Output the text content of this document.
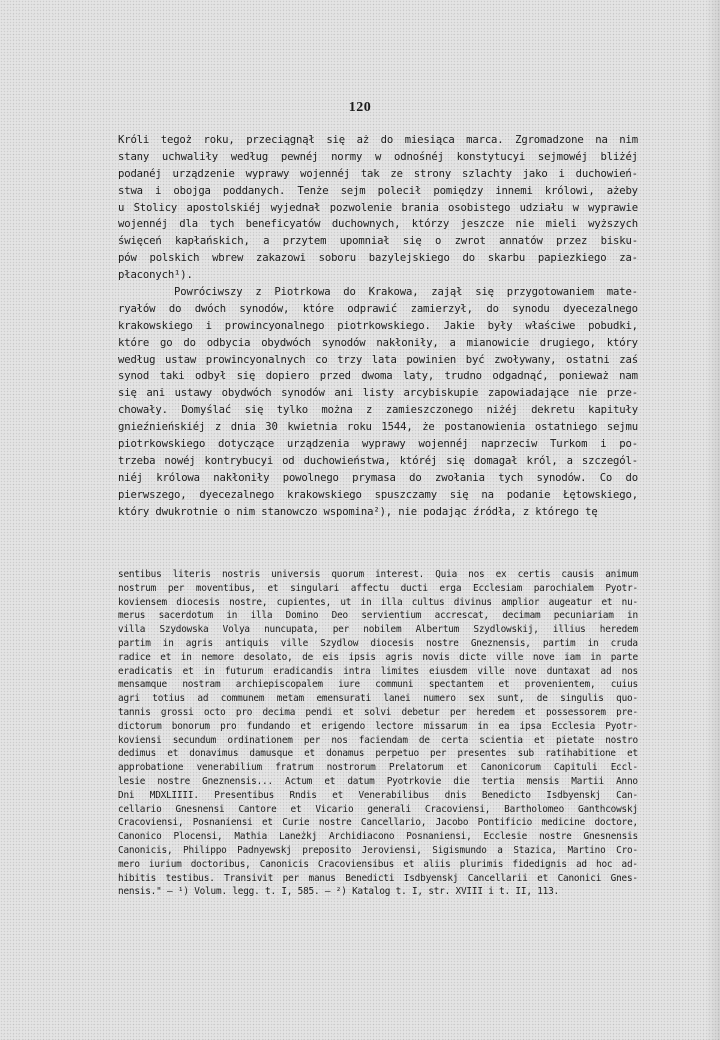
120
Króli tegoż roku, przeciągnął się aż do miesiąca marca. Zgromadzone na nim
stany uchwaliły według pewnéj normy w odnośnéj konstytucyi sejmowéj bliżéj
podanéj urządzenie wyprawy wojennéj tak ze strony szlachty jako i duchowień-
stwa i obojga poddanych. Tenże sejm polecił pomiędzy innemi królowi, ażeby
u Stolicy apostolskiéj wyjednał pozwolenie brania osobistego udziału w wyprawie
wojennéj dla tych beneficyatów duchownych, którzy jeszcze nie mieli wyższych
święceń kapłańskich, a przytem upomniał się o zwrot annatów przez bisku-
pów polskich wbrew zakazowi soboru bazylejskiego do skarbu papiezkiego za-
płaconych¹).
Powróciwszy z Piotrkowa do Krakowa, zajął się przygotowaniem mate-
ryałów do dwóch synodów, które odprawić zamierzył, do synodu dyecezalnego
krakowskiego i prowincyonalnego piotrkowskiego. Jakie były właściwe pobudki,
które go do odbycia obydwóch synodów nakłoniły, a mianowicie drugiego, który
według ustaw prowincyonalnych co trzy lata powinien być zwoływany, ostatni zaś
synod taki odbył się dopiero przed dwoma laty, trudno odgadnąć, ponieważ nam
się ani ustawy obydwóch synodów ani listy arcybiskupie zapowiadające nie prze-
chowały. Domyślać się tylko można z zamieszczonego niżéj dekretu kapituły
gnieźnieńskiéj z dnia 30 kwietnia roku 1544, że postanowienia ostatniego sejmu
piotrkowskiego dotyczące urządzenia wyprawy wojennéj naprzeciw Turkom i po-
trzeba nowéj kontrybucyi od duchowieństwa, któréj się domagał król, a szczegól-
niéj królowa nakłoniły powolnego prymasa do zwołania tych synodów. Co do
pierwszego, dyecezalnego krakowskiego spuszczamy się na podanie Łętowskiego,
który dwukrotnie o nim stanowczo wspomina²), nie podając źródła, z którego tę
sentibus literis nostris universis quorum interest. Quia nos ex certis causis animum
nostrum per moventibus, et singulari affectu ducti erga Ecclesiam parochialem Pyotr-
koviensem diocesis nostre, cupientes, ut in illa cultus divinus amplior augeatur et nu-
merus sacerdotum in illa Domino Deo servientium accrescat, decimam pecuniariam in
villa Szydowska Volya nuncupata, per nobilem Albertum Szydlowskij, illius heredem
partim in agris antiquis ville Szydlow diocesis nostre Gneznensis, partim in cruda
radice et in nemore desolato, de eis ipsis agris novis dicte ville nove iam in parte
eradicatis et in futurum eradicandis intra limites eiusdem ville nove duntaxat ad nos
mensamque nostram archiepiscopalem iure communi spectantem et provenientem, cuius
agri totius ad communem metam emensurati lanei numero sex sunt, de singulis quo-
tannis grossi octo pro decima pendi et solvi debetur per heredem et possessorem pre-
dictorum bonorum pro fundando et erigendo lectore missarum in ea ipsa Ecclesia Pyotr-
koviensi secundum ordinationem per nos faciendam de certa scientia et pietate nostro
dedimus et donavimus damusque et donamus perpetuo per presentes sub ratihabitione et
approbatione venerabilium fratrum nostrorum Prelatorum et Canonicorum Capituli Eccl-
lesie nostre Gneznensis... Actum et datum Pyotrkovie die tertia mensis Martii Anno
Dni MDXLIIII. Presentibus Rndis et Venerabilibus dnis Benedicto Isdbyenskj Can-
cellario Gnesnensi Cantore et Vicario generali Cracoviensi, Bartholomeo Ganthcowskj
Cracoviensi, Posnaniensi et Curie nostre Cancellario, Jacobo Pontificio medicine doctore,
Canonico Plocensi, Mathia Laneżkj Archidiacono Posnaniensi, Ecclesie nostre Gnesnensis
Canonicis, Philippo Padnyewskj preposito Jeroviensi, Sigismundo a Stazica, Martino Cro-
mero iurium doctoribus, Canonicis Cracoviensibus et aliis plurimis fidedignis ad hoc ad-
hibitis testibus. Transivit per manus Benedicti Isdbyenskj Cancellarii et Canonici Gnes-
nensis." — ¹) Volum. legg. t. I, 585. — ²) Katalog t. I, str. XVIII i t. II, 113.
